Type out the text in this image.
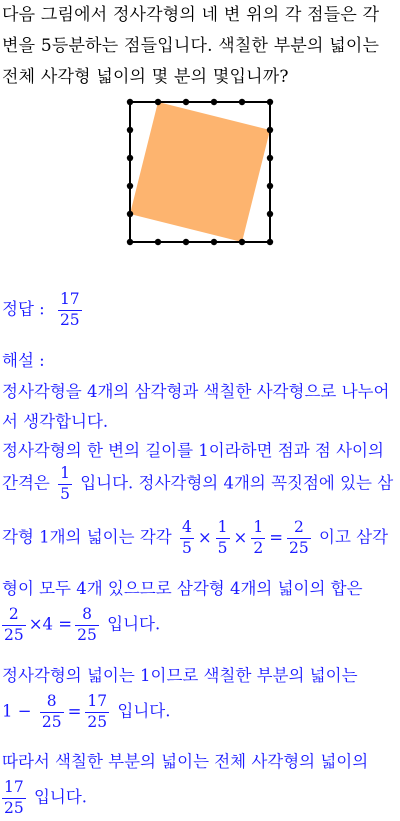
다음 그림에서 정사각형의 네 변 위의 각 점들은 각

변을 5등분하는 점들입니다. 색칠한 부분의 넓이는

전체 사각형 넓이의 몇 분의 몇입니까?

정답 : $\frac{17}{25}$
해설 :
정사각형을 4개의 삼각형과 색칠한 사각형으로 나누어
서 생각합니다.
정사각형의 한 변의 길이를 1이라하면 점과 점 사이의
간격은 $\frac{1}{5}$ 입니다. 정사각형의 4개의 꼭짓점에 있는 삼
각형 1개의 넓이는 각각 $\frac{4}{5} \times \frac{1}{5} \times \frac{1}{2} = \frac{2}{25}$ 이고 삼각
형이 모두 4개 있으므로 삼각형 4개의 넓이의 합은
$\frac{2}{25} \times 4 = \frac{8}{25}$ 입니다.
정사각형의 넓이는 1이므로 색칠한 부분의 넓이는
$1 - \frac{8}{25} = \frac{17}{25}$ 입니다.
따라서 색칠한 부분의 넓이는 전체 사각형의 넓이의
$\frac{17}{25}$ 입니다.
